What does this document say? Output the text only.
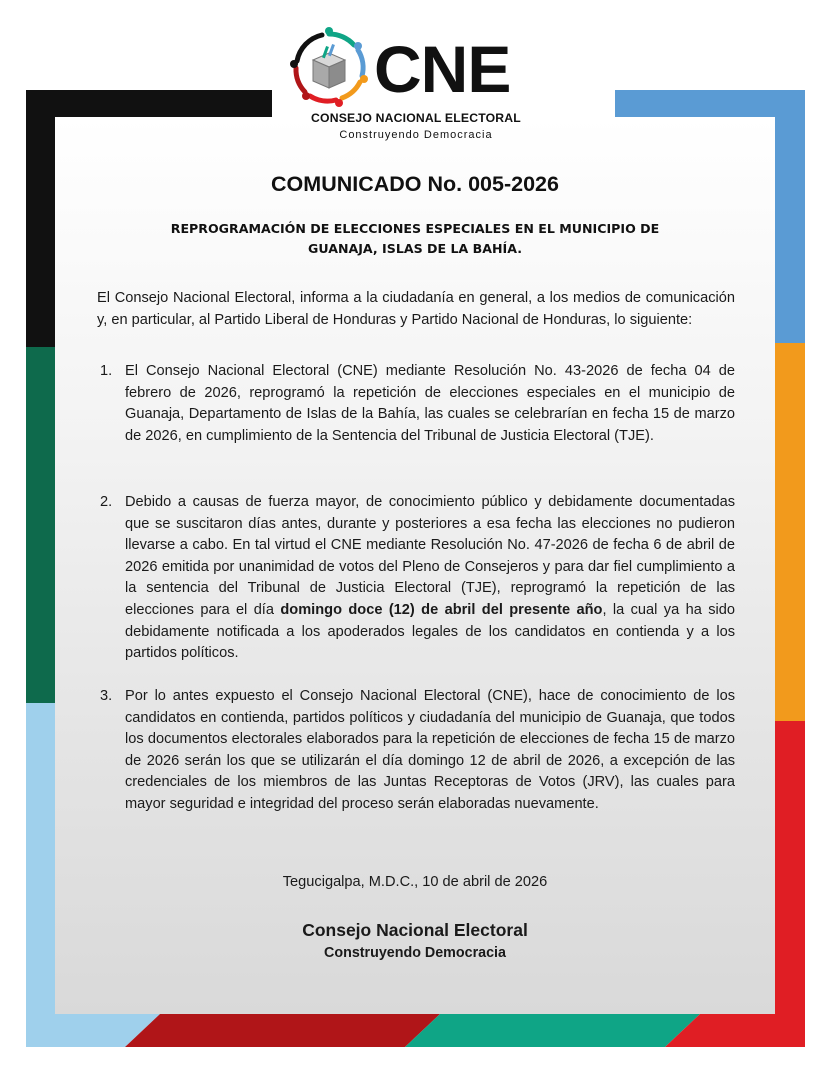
CNE
CONSEJO NACIONAL ELECTORAL
Construyendo Democracia
COMUNICADO No. 005-2026
REPROGRAMACIÓN DE ELECCIONES ESPECIALES EN EL MUNICIPIO DE GUANAJA, ISLAS DE LA BAHÍA.
El Consejo Nacional Electoral, informa a la ciudadanía en general, a los medios de comunicación y, en particular, al Partido Liberal de Honduras y Partido Nacional de Honduras, lo siguiente:
1. El Consejo Nacional Electoral (CNE) mediante Resolución No. 43-2026 de fecha 04 de febrero de 2026, reprogramó la repetición de elecciones especiales en el municipio de Guanaja, Departamento de Islas de la Bahía, las cuales se celebrarían en fecha 15 de marzo de 2026, en cumplimiento de la Sentencia del Tribunal de Justicia Electoral (TJE).
2. Debido a causas de fuerza mayor, de conocimiento público y debidamente documentadas que se suscitaron días antes, durante y posteriores a esa fecha las elecciones no pudieron llevarse a cabo. En tal virtud el CNE mediante Resolución No. 47-2026 de fecha 6 de abril de 2026 emitida por unanimidad de votos del Pleno de Consejeros y para dar fiel cumplimiento a la sentencia del Tribunal de Justicia Electoral (TJE), reprogramó la repetición de las elecciones para el día domingo doce (12) de abril del presente año, la cual ya ha sido debidamente notificada a los apoderados legales de los candidatos en contienda y a los partidos políticos.
3. Por lo antes expuesto el Consejo Nacional Electoral (CNE), hace de conocimiento de los candidatos en contienda, partidos políticos y ciudadanía del municipio de Guanaja, que todos los documentos electorales elaborados para la repetición de elecciones de fecha 15 de marzo de 2026 serán los que se utilizarán el día domingo 12 de abril de 2026, a excepción de las credenciales de los miembros de las Juntas Receptoras de Votos (JRV), las cuales para mayor seguridad e integridad del proceso serán elaboradas nuevamente.
Tegucigalpa, M.D.C., 10 de abril de 2026
Consejo Nacional Electoral
Construyendo Democracia
